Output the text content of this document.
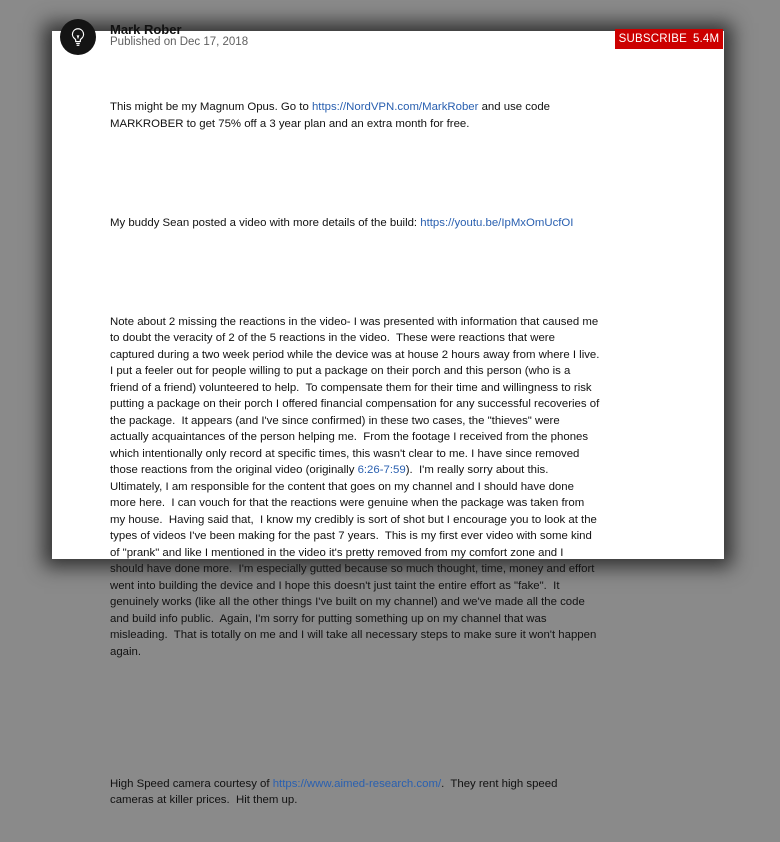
Mark Rober
Published on Dec 17, 2018	SUBSCRIBE 5.4M

This might be my Magnum Opus. Go to https://NordVPN.com/MarkRober and use code MARKROBER to get 75% off a 3 year plan and an extra month for free.

My buddy Sean posted a video with more details of the build: https://youtu.be/IpMxOmUcfOI

Note about 2 missing the reactions in the video- I was presented with information that caused me to doubt the veracity of 2 of the 5 reactions in the video.  These were reactions that were captured during a two week period while the device was at house 2 hours away from where I live.  I put a feeler out for people willing to put a package on their porch and this person (who is a friend of a friend) volunteered to help.  To compensate them for their time and willingness to risk putting a package on their porch I offered financial compensation for any successful recoveries of the package.  It appears (and I've since confirmed) in these two cases, the "thieves" were actually acquaintances of the person helping me.  From the footage I received from the phones which intentionally only record at specific times, this wasn't clear to me. I have since removed those reactions from the original video (originally 6:26-7:59).  I'm really sorry about this.  Ultimately, I am responsible for the content that goes on my channel and I should have done more here.  I can vouch for that the reactions were genuine when the package was taken from my house.  Having said that,  I know my credibly is sort of shot but I encourage you to look at the types of videos I've been making for the past 7 years.  This is my first ever video with some kind of "prank" and like I mentioned in the video it's pretty removed from my comfort zone and I should have done more.  I'm especially gutted because so much thought, time, money and effort went into building the device and I hope this doesn't just taint the entire effort as "fake".  It genuinely works (like all the other things I've built on my channel) and we've made all the code and build info public.  Again, I'm sorry for putting something up on my channel that was misleading.  That is totally on me and I will take all necessary steps to make sure it won't happen again.

High Speed camera courtesy of https://www.aimed-research.com/.  They rent high speed cameras at killer prices.  Hit them up.
